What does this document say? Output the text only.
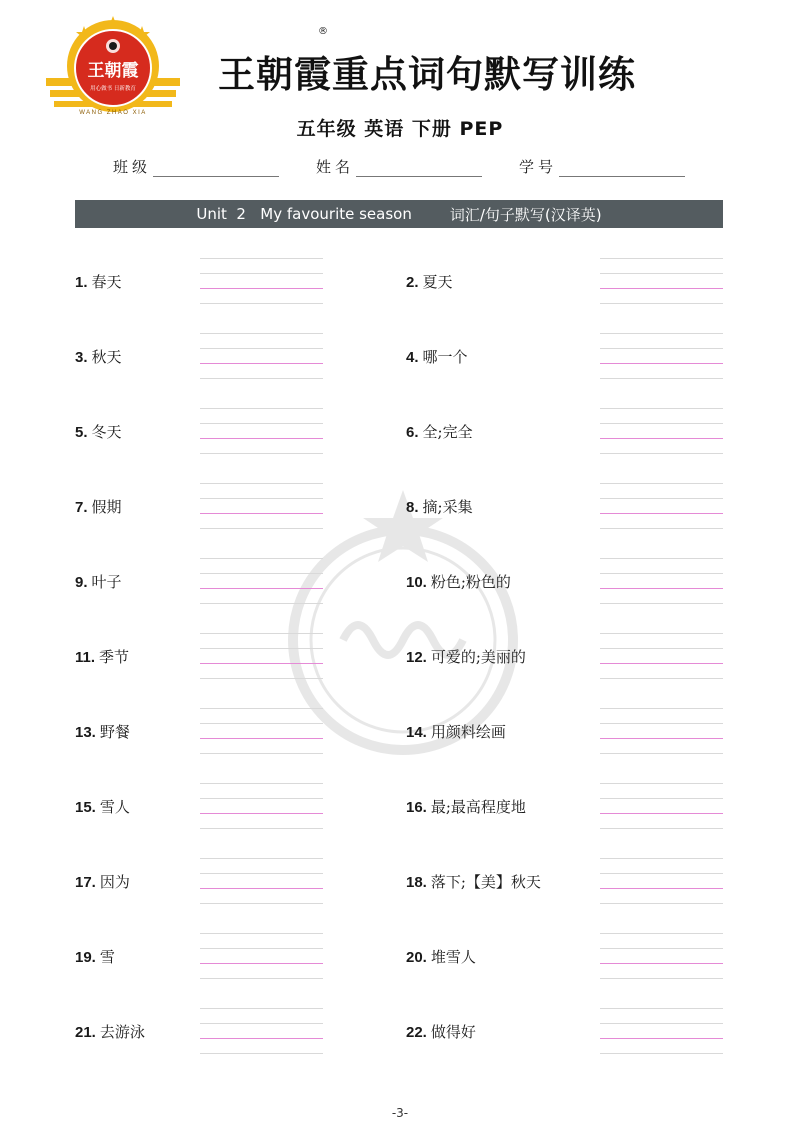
王朝霞
用心做书 日新教育
WANG ZHAO XIA
王朝霞重点词句默写训练
®
五年级 英语 下册 PEP
班级	姓名	学号
Unit  2   My favourite season	词汇/句子默写(汉译英)
1. 春天	2. 夏天
3. 秋天	4. 哪一个
5. 冬天	6. 全;完全
7. 假期	8. 摘;采集
9. 叶子	10. 粉色;粉色的
11. 季节	12. 可爱的;美丽的
13. 野餐	14. 用颜料绘画
15. 雪人	16. 最;最高程度地
17. 因为	18. 落下;【美】秋天
19. 雪	20. 堆雪人
21. 去游泳	22. 做得好
-3-
